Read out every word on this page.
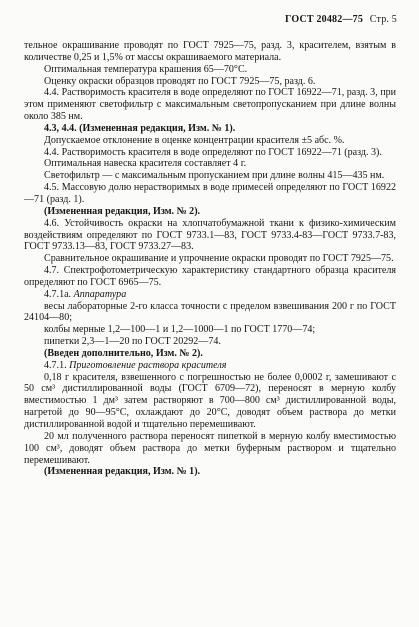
ГОСТ 20482—75 Стр. 5

тельное окрашивание проводят по ГОСТ 7925—75, разд. 3, красителем, взятым в количестве 0,25 и 1,5% от массы окрашиваемого материала.

Оптимальная температура крашения 65—70°С.

Оценку окраски образцов проводят по ГОСТ 7925—75, разд. 6.

4.4. Растворимость красителя в воде определяют по ГОСТ 16922—71, разд. 3, при этом применяют светофильтр с максимальным светопропусканием при длине волны около 385 нм.

4.3, 4.4. (Измененная редакция, Изм. № 1).

Допускаемое отклонение в оценке концентрации красителя ±5 абс. %.

4.4. Растворимость красителя в воде определяют по ГОСТ 16922—71 (разд. 3).

Оптимальная навеска красителя составляет 4 г.

Светофильтр — с максимальным пропусканием при длине волны 415—435 нм.

4.5. Массовую долю нерастворимых в воде примесей определяют по ГОСТ 16922—71 (разд. 1).

(Измененная редакция, Изм. № 2).

4.6. Устойчивость окраски на хлопчатобумажной ткани к физико-химическим воздействиям определяют по ГОСТ 9733.1—83, ГОСТ 9733.4-83—ГОСТ 9733.7-83, ГОСТ 9733.13—83, ГОСТ 9733.27—83.

Сравнительное окрашивание и упрочнение окраски проводят по ГОСТ 7925—75.

4.7. Спектрофотометрическую характеристику стандартного образца красителя определяют по ГОСТ 6965—75.

4.7.1а. Аппаратура

весы лабораторные 2-го класса точности с пределом взвешивания 200 г по ГОСТ 24104—80;

колбы мерные 1,2—100—1 и 1,2—1000—1 по ГОСТ 1770—74;

пипетки 2,3—1—20 по ГОСТ 20292—74.

(Введен дополнительно, Изм. № 2).

4.7.1. Приготовление раствора красителя

0,18 г красителя, взвешенного с погрешностью не более 0,0002 г, замешивают с 50 см³ дистиллированной воды (ГОСТ 6709—72), переносят в мерную колбу вместимостью 1 дм³ затем растворяют в 700—800 см³ дистиллированной воды, нагретой до 90—95°С, охлаждают до 20°С, доводят объем раствора до метки дистиллированной водой и тщательно перемешивают.

20 мл полученного раствора переносят пипеткой в мерную колбу вместимостью 100 см³, доводят объем раствора до метки буферным раствором и тщательно перемешивают.

(Измененная редакция, Изм. № 1).
